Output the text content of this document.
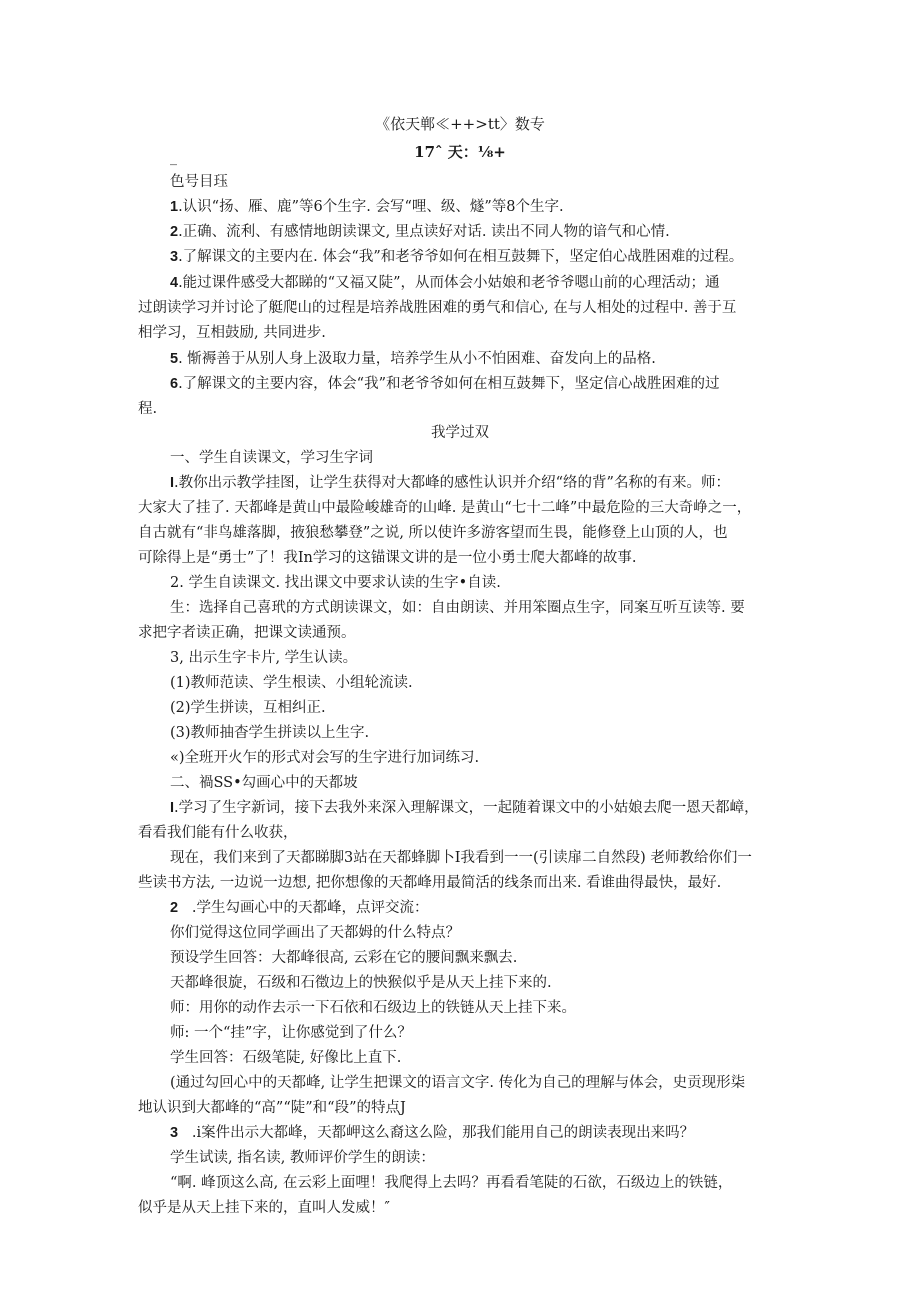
《依天郸≪++>tt〉数专
17ˆ 天：⅛+
_
色号目珏
1.认识“扬、雁、鹿”等6个生字. 会写“哩、级、燧”等8个生字.
2.正确、流利、有感情地朗读课文, 里点读好对话. 读出不同人物的谙气和心情.
3.了解课文的主要内在. 体会“我”和老爷爷如何在相互鼓舞下，坚定伯心战胜困难的过程。
4.能过课件感受大都睇的“又福又陡”，从而体会小姑娘和老爷爷嗯山前的心理活动；通
过朗读学习并讨论了艇爬山的过程是培养战胜困难的勇气和信心, 在与人相处的过程中. 善于互
相学习，互相鼓励, 共同进步.
5. 惭褥善于从别人身上汲取力量，培养学生从小不怕困难、奋发向上的品格.
6.了解课文的主要内容，体会“我”和老爷爷如何在相互鼓舞下，坚定信心战胜困难的过
程.
我学过双
一、学生自读课文，学习生字词
I.教你出示教学挂图，让学生获得对大都峰的感性认识并介绍“络的背”名称的有来。师：
大家大了挂了. 天都峰是黄山中最险峻雄奇的山峰. 是黄山“七十二峰”中最危险的三大奇峥之一，
自古就有“非鸟雄落脚，掖狼愁攀登”之说, 所以使许多游客望而生畏，能修登上山顶的人，也
可除得上是“勇士”了！我In学习的这锚课文讲的是一位小勇士爬大都峰的故事.
2. 学生自读课文. 找出课文中要求认读的生字•自读.
生：选择自己喜玳的方式朗读课文，如：自由朗读、并用笨圈点生字，同案互听互读等. 要
求把字者读正确，把课文读通预。
3, 出示生字卡片, 学生认读。
(1)教师范读、学生根读、小组轮流读.
(2)学生拼读，互相纠正.
(3)教师抽杳学生拼读以上生字.
«)全班开火乍的形式对会写的生字进行加词练习.
二、禍SS•勾画心中的天都坡
I.学习了生字新词，接下去我外来深入理解课文，一起随着课文中的小姑娘去爬一恩天都嶂，
看看我们能有什么收获，
现在，我们来到了天都睇脚3站在天都蜂脚卜I我看到一一(引读扉二自然段) 老师教给你们一
些读书方法, 一边说一边想, 把你想像的天都峰用最简活的线条而出来. 看谁曲得最快，最好.
2 .学生勾画心中的天都峰，点评交流：
你们觉得这位同学画出了天都姆的什么特点？
预设学生回答：大都峰很高, 云彩在它的腰间飘来飘去.
天都峰很旋，石级和石徵边上的怏猴似乎是从天上挂下来的.
师：用你的动作去示一下石依和石级边上的铁链从天上挂下来。
师: 一个“挂”字，让你感觉到了什么？
学生回答：石级笔陡, 好像比上直下.
(通过勾回心中的天都峰, 让学生把课文的语言文字. 传化为自己的理解与体会，史贡现形柒
地认识到大都峰的“高”“陡”和“段”的特点J
3 .i案件出示大都峰，天都岬这么裔这么险，那我们能用自己的朗读表现出来吗？
学生试读, 指名读, 教师评价学生的朗读：
“啊. 峰顶这么高, 在云彩上面哩！我爬得上去吗？再看看笔陡的石欲，石级边上的铁链，
似乎是从天上挂下来的，直叫人发威！″
